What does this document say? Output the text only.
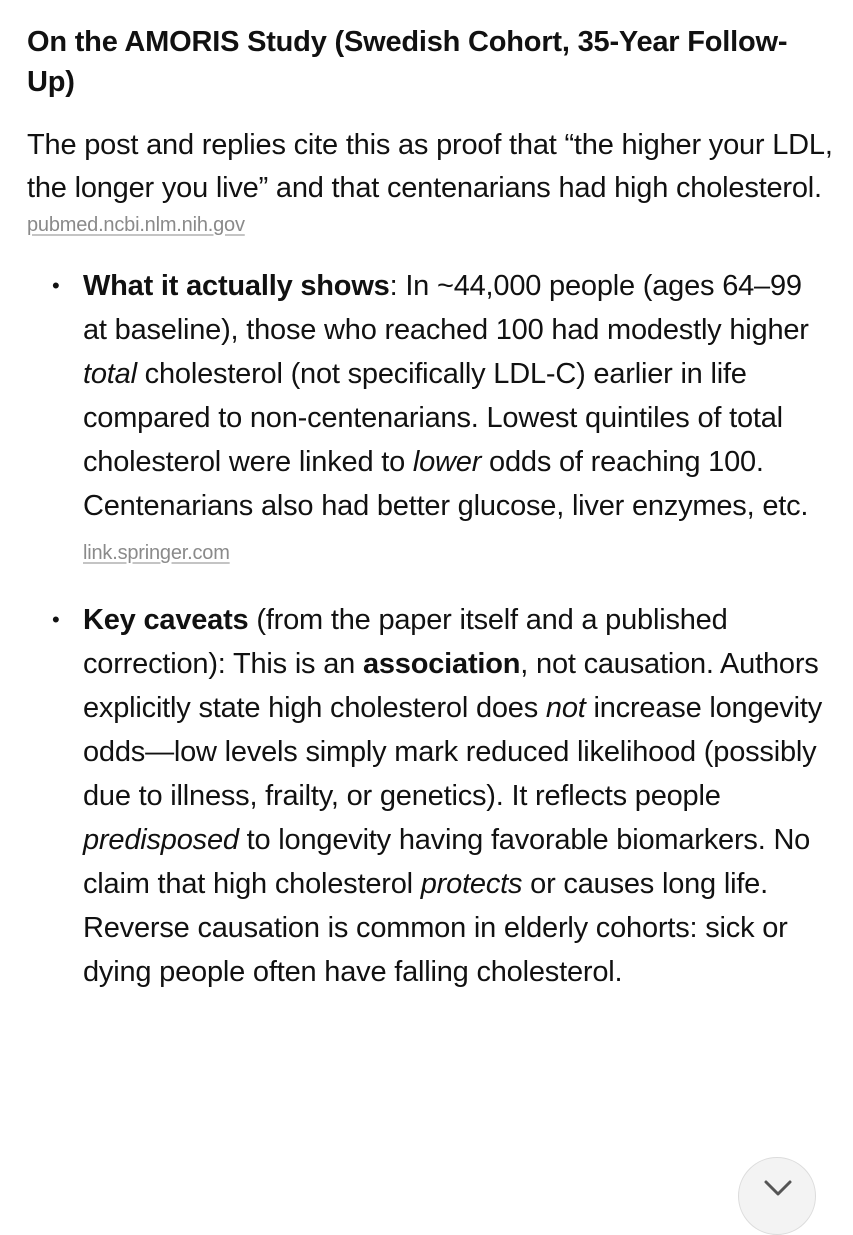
On the AMORIS Study (Swedish Cohort, 35-Year Follow-Up)

The post and replies cite this as proof that “the higher your LDL, the longer you live” and that centenarians had high cholesterol.
pubmed.ncbi.nlm.nih.gov

• What it actually shows: In ~44,000 people (ages 64–99 at baseline), those who reached 100 had modestly higher total cholesterol (not specifically LDL-C) earlier in life compared to non-centenarians. Lowest quintiles of total cholesterol were linked to lower odds of reaching 100. Centenarians also had better glucose, liver enzymes, etc. link.springer.com
• Key caveats (from the paper itself and a published correction): This is an association, not causation. Authors explicitly state high cholesterol does not increase longevity odds—low levels simply mark reduced likelihood (possibly due to illness, frailty, or genetics). It reflects people predisposed to longevity having favorable biomarkers. No claim that high cholesterol protects or causes long life. Reverse causation is common in elderly cohorts: sick or dying people often have falling cholesterol.
